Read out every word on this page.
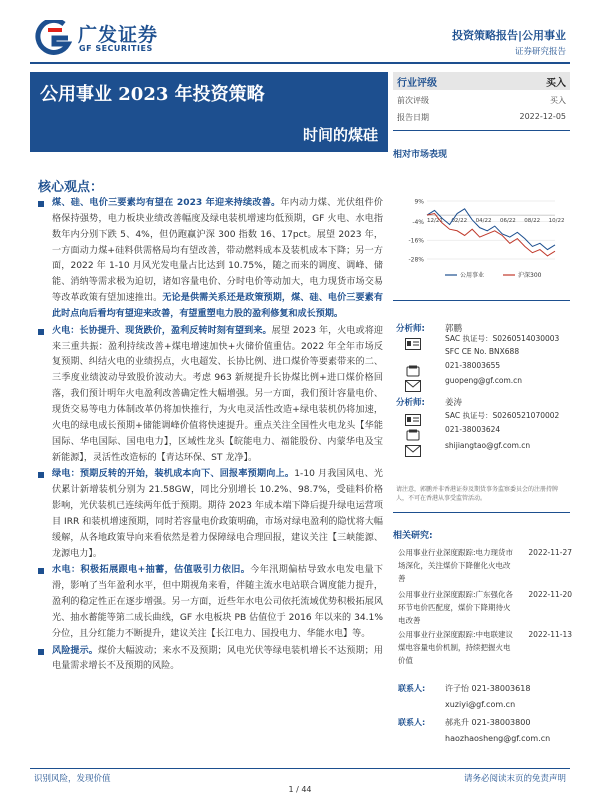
广发证券
GF SECURITIES
投资策略报告|公用事业
证券研究报告
公用事业 2023 年投资策略
时间的煤硅
行业评级	买入
前次评级	买入
报告日期	2022-12-05
相对市场表现
9%
-4%
-16%
-28%
12/21 02/22 04/22 06/22 08/22 10/22
公用事业	沪深300
分析师: 郭鹏
SAC 执证号：S0260514030003
SFC CE No. BNX688
021-38003655
guopeng@gf.com.cn
分析师: 姜涛
SAC 执证号：S0260521070002
021-38003624
shijiangtao@gf.com.cn
请注意，郭鹏并非香港证券及期货事务监察委员会的注册持牌人，不可在香港从事受监管活动。
相关研究:
公用事业行业深度跟踪:电力现货市场深化，关注煤价下降催化火电改善
2022-11-27
公用事业行业深度跟踪:广东强化各环节电价匹配度，煤价下降期待火电改善
2022-11-20
公用事业行业深度跟踪:中电联建议煤电容量电价机制，持续把握火电价值
2022-11-13
联系人: 许子怡 021-38003618
xuziyi@gf.com.cn
联系人: 郝兆升 021-38003800
haozhaosheng@gf.com.cn
核心观点：
煤、硅、电价三要素均有望在 2023 年迎来持续改善。年内动力煤、光伏组件价格保持强势，电力板块业绩改善幅度及绿电装机增速均低预期，GF 火电、水电指数年内分别下跌 5、4%，但仍跑赢沪深 300 指数 16、17pct。展望 2023 年，一方面动力煤+硅料供需格局均有望改善，带动燃料成本及装机成本下降；另一方面，2022 年 1-10 月风光发电量占比达到 10.75%，随之而来的调度、调峰、储能、消纳等需求极为迫切，诸如容量电价、分时电价等动加大，电力现货市场交易等改革政策有望加速推出。无论是供需关系还是政策预期，煤、硅、电价三要素有此时点向后看均有望迎来改善，有望重塑电力股的盈利修复和成长预期。
火电：长协提升、现货跌价，盈利反转时刻有望到来。展望 2023 年，火电或将迎来三重共振：盈利持续改善+煤电增速加快+火储价值重估。2022 年全年市场反复预期、纠结火电的业绩拐点，火电超发、长协比例、进口煤价等要素带来的二、三季度业绩波动导致股价波动大。考虑 963 新规提升长协煤比例+进口煤价格回落，我们预计明年火电盈利改善确定性大幅增强。另一方面，我们预计容量电价、现货交易等电力体制改革仍将加快推行，为火电灵活性改造+绿电装机仍将加速，火电的绿电成长预期+储能调峰价值将快速提升。重点关注全国性火电龙头【华能国际、华电国际、国电电力】，区域性龙头【皖能电力、福能股份、内蒙华电及宝新能源】，灵活性改造标的【青达环保、ST 龙净】。
绿电：预期反转的开始，装机成本向下、回报率预期向上。1-10 月我国风电、光伏累计新增装机分别为 21.58GW，同比分别增长 10.2%、98.7%，受硅料价格影响，光伏装机已连续两年低于预期。期待 2023 年成本端下降后提升绿电运营项目 IRR 和装机增速预期，同时若容量电价政策明确，市场对绿电盈利的隐忧将大幅缓解，从各地政策导向来看依然是着力保障绿电合理回报，建议关注【三峡能源、龙源电力】。
水电：积极拓展跟电+抽蓄，估值吸引力依旧。今年汛期偏枯导致水电发电量下滑，影响了当年盈利水平，但中期视角来看，伴随主流水电站联合调度能力提升，盈利的稳定性正在逐步增强。另一方面，近些年水电公司依托流域优势积极拓展风光、抽水蓄能等第二成长曲线，GF 水电板块 PB 估值位于 2016 年以来的 34.1%分位，且分红能力不断提升，建议关注【长江电力、国投电力、华能水电】等。
风险提示。煤价大幅波动；来水不及预期；风电光伏等绿电装机增长不达预期；用电量需求增长不及预期的风险。
识别风险，发现价值	请务必阅读末页的免责声明
1 / 44
